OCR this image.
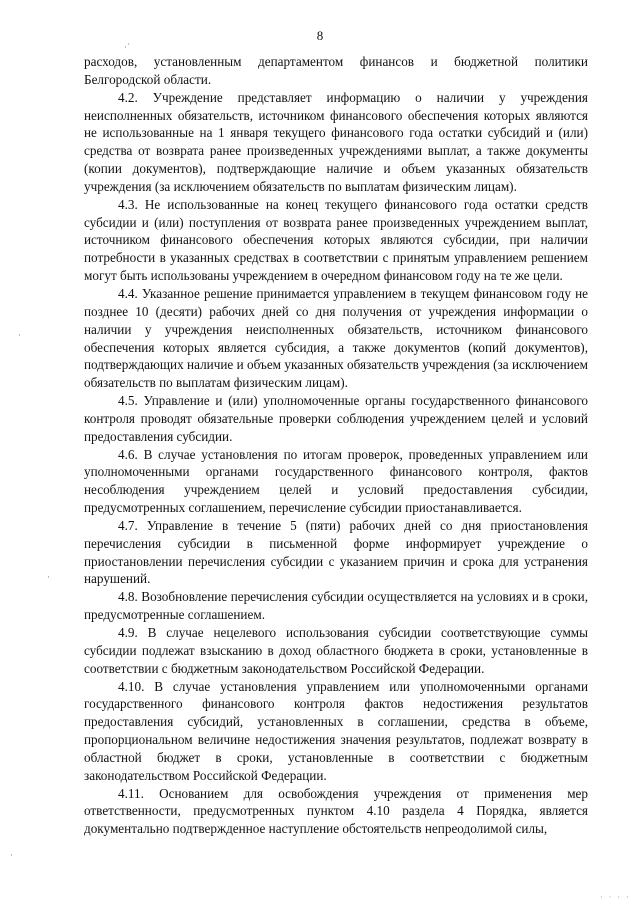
8
·´
·
·
·

расходов, установленным департаментом финансов и бюджетной политики Белгородской области.

4.2. Учреждение представляет информацию о наличии у учреждения неисполненных обязательств, источником финансового обеспечения которых являются не использованные на 1 января текущего финансового года остатки субсидий и (или) средства от возврата ранее произведенных учреждениями выплат, а также документы (копии документов), подтверждающие наличие и объем указанных обязательств учреждения (за исключением обязательств по выплатам физическим лицам).

4.3. Не использованные на конец текущего финансового года остатки средств субсидии и (или) поступления от возврата ранее произведенных учреждением выплат, источником финансового обеспечения которых являются субсидии, при наличии потребности в указанных средствах в соответствии с принятым управлением решением могут быть использованы учреждением в очередном финансовом году на те же цели.

4.4. Указанное решение принимается управлением в текущем финансовом году не позднее 10 (десяти) рабочих дней со дня получения от учреждения информации о наличии у учреждения неисполненных обязательств, источником финансового обеспечения которых является субсидия, а также документов (копий документов), подтверждающих наличие и объем указанных обязательств учреждения (за исключением обязательств по выплатам физическим лицам).

4.5. Управление и (или) уполномоченные органы государственного финансового контроля проводят обязательные проверки соблюдения учреждением целей и условий предоставления субсидии.

4.6. В случае установления по итогам проверок, проведенных управлением или уполномоченными органами государственного финансового контроля, фактов несоблюдения учреждением целей и условий предоставления субсидии, предусмотренных соглашением, перечисление субсидии приостанавливается.

4.7. Управление в течение 5 (пяти) рабочих дней со дня приостановления перечисления субсидии в письменной форме информирует учреждение о приостановлении перечисления субсидии с указанием причин и срока для устранения нарушений.

4.8. Возобновление перечисления субсидии осуществляется на условиях и в сроки, предусмотренные соглашением.

4.9. В случае нецелевого использования субсидии соответствующие суммы субсидии подлежат взысканию в доход областного бюджета в сроки, установленные в соответствии с бюджетным законодательством Российской Федерации.

4.10. В случае установления управлением или уполномоченными органами государственного финансового контроля фактов недостижения результатов предоставления субсидий, установленных в соглашении, средства в объеме, пропорциональном величине недостижения значения результатов, подлежат возврату в областной бюджет в сроки, установленные в соответствии с бюджетным законодательством Российской Федерации.

4.11. Основанием для освобождения учреждения от применения мер ответственности, предусмотренных пунктом 4.10 раздела 4 Порядка, является документально подтвержденное наступление обстоятельств непреодолимой силы,

· · · ·
